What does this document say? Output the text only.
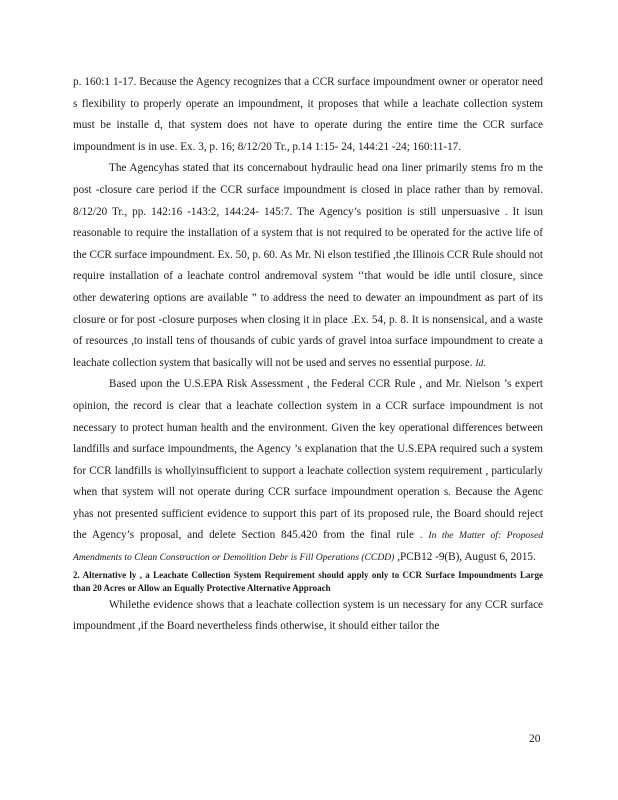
p. 160:1 1-17. Because the Agency recognizes that a CCR surface impoundment owner or operator need s flexibility to properly operate an impoundment, it proposes that while a leachate collection system must be installe d, that system does not have to operate during the entire time the CCR surface impoundment is in use. Ex. 3, p. 16; 8/12/20 Tr., p.14 1:15- 24, 144:21 -24; 160:11-17.

The Agencyhas stated that its concernabout hydraulic head ona liner primarily stems fro m the post -closure care period if the CCR surface impoundment is closed in place rather than by removal. 8/12/20 Tr., pp. 142:16 -143:2, 144:24- 145:7. The Agency’s position is still unpersuasive . It isun reasonable to require the installation of a system that is not required to be operated for the active life of the CCR surface impoundment. Ex. 50, p. 60. As Mr. Ni elson testified ,the Illinois CCR Rule should not require installation of a leachate control andremoval system ‘‘that would be idle until closure, since other dewatering options are available ” to address the need to dewater an impoundment as part of its closure or for post -closure purposes when closing it in place .Ex. 54, p. 8. It is nonsensical, and a waste of resources ,to install tens of thousands of cubic yards of gravel intoa surface impoundment to create a leachate collection system that basically will not be used and serves no essential purpose. Id.

Based upon the U.S.EPA Risk Assessment , the Federal CCR Rule , and Mr. Nielson ’s expert opinion, the record is clear that a leachate collection system in a CCR surface impoundment is not necessary to protect human health and the environment. Given the key operational differences between landfills and surface impoundments, the Agency ’s explanation that the U.S.EPA required such a system for CCR landfills is whollyinsufficient to support a leachate collection system requirement , particularly when that system will not operate during CCR surface impoundment operation s. Because the Agenc yhas not presented sufficient evidence to support this part of its proposed rule, the Board should reject the Agency’s proposal, and delete Section 845.420 from the final rule . In the Matter of: Proposed Amendments to Clean Construction or Demolition Debr is Fill Operations (CCDD) ,PCB12 -9(B), August 6, 2015.

2. Alternative ly , a Leachate Collection System Requirement should apply only to CCR Surface Impoundments Large than 20 Acres or Allow an Equally Protective Alternative Approach

Whilethe evidence shows that a leachate collection system is un necessary for any CCR surface impoundment ,if the Board nevertheless finds otherwise, it should either tailor the

20
